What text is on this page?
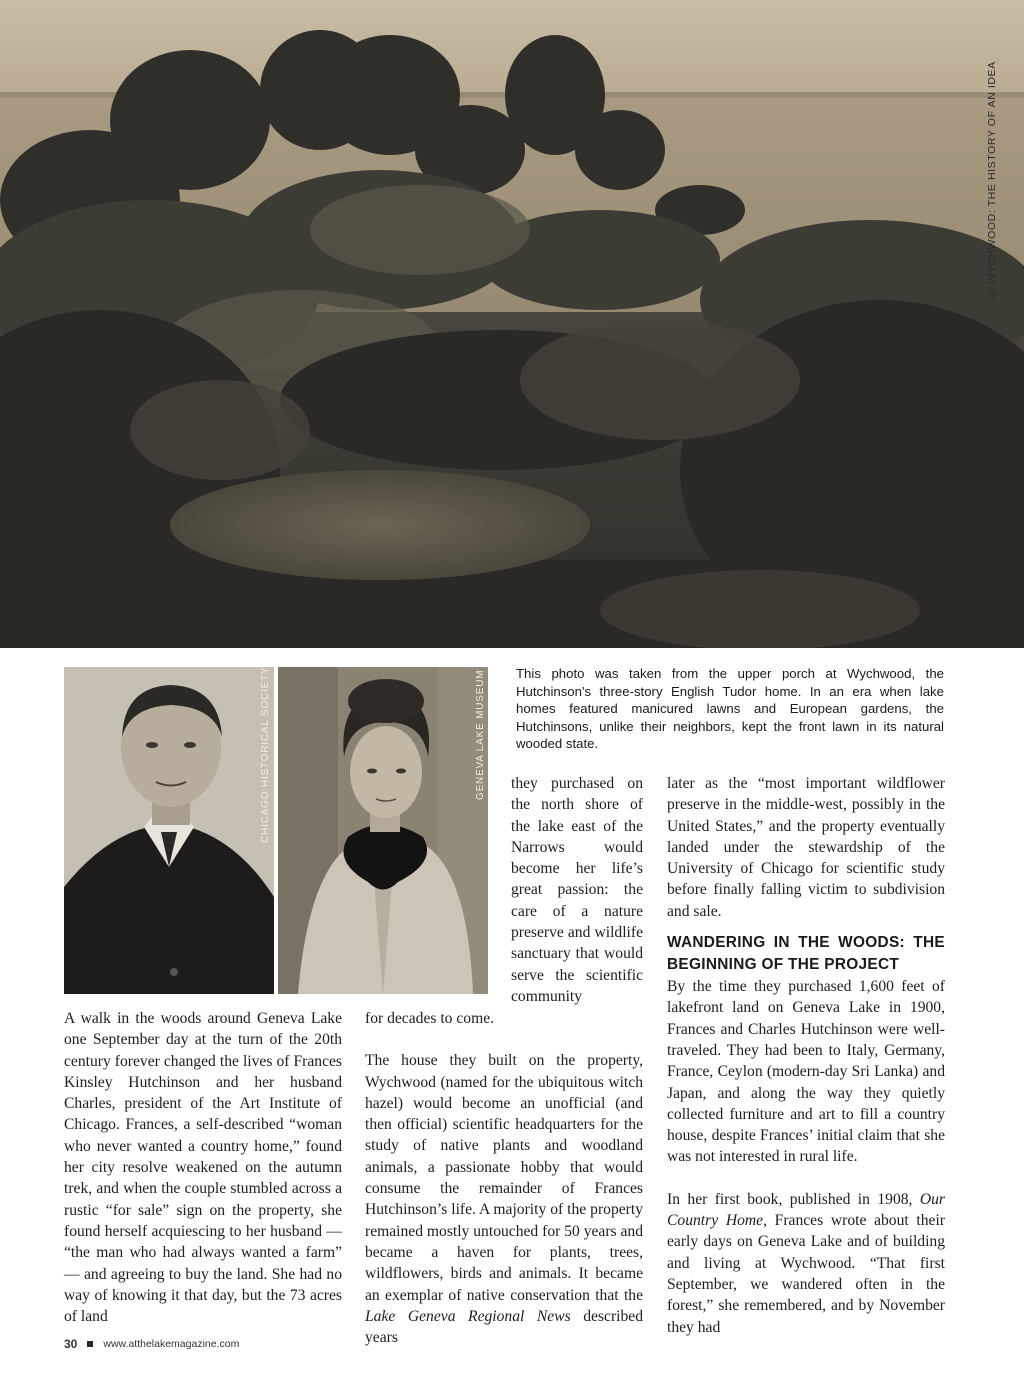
© WYCHWOOD: THE HISTORY OF AN IDEA
CHICAGO HISTORICAL SOCIETY	GENEVA LAKE MUSEUM This photo was taken from the upper porch at Wychwood, the Hutchinson's three-story English Tudor home. In an era when lake homes featured manicured lawns and European gardens, the Hutchinsons, unlike their neighbors, kept the front lawn in its natural wooded state.

they purchased on the north shore of the lake east of the Narrows would become her life’s great passion: the care of a nature preserve and wildlife sanctuary that would serve the scientific community

A walk in the woods around Geneva Lake one September day at the turn of the 20th century forever changed the lives of Frances Kinsley Hutchinson and her husband Charles, president of the Art Institute of Chicago. Frances, a self-described “woman who never wanted a country home,” found her city resolve weakened on the autumn trek, and when the couple stumbled across a rustic “for sale” sign on the property, she found herself acquiescing to her husband — “the man who had always wanted a farm” — and agreeing to buy the land. She had no way of knowing it that day, but the 73 acres of land

for decades to come.

The house they built on the property, Wychwood (named for the ubiquitous witch hazel) would become an unofficial (and then official) scientific headquarters for the study of native plants and woodland animals, a passionate hobby that would consume the remainder of Frances Hutchinson’s life. A majority of the property remained mostly untouched for 50 years and became a haven for plants, trees, wildflowers, birds and animals. It became an exemplar of native conservation that the Lake Geneva Regional News described years

later as the “most important wildflower preserve in the middle-west, possibly in the United States,” and the property eventually landed under the stewardship of the University of Chicago for scientific study before finally falling victim to subdivision and sale.

WANDERING IN THE WOODS: THE BEGINNING OF THE PROJECT

By the time they purchased 1,600 feet of lakefront land on Geneva Lake in 1900, Frances and Charles Hutchinson were well-traveled. They had been to Italy, Germany, France, Ceylon (modern-day Sri Lanka) and Japan, and along the way they quietly collected furniture and art to fill a country house, despite Frances’ initial claim that she was not interested in rural life.

In her first book, published in 1908, Our Country Home, Frances wrote about their early days on Geneva Lake and of building and living at Wychwood. “That first September, we wandered often in the forest,” she remembered, and by November they had

30 www.atthelakemagazine.com
